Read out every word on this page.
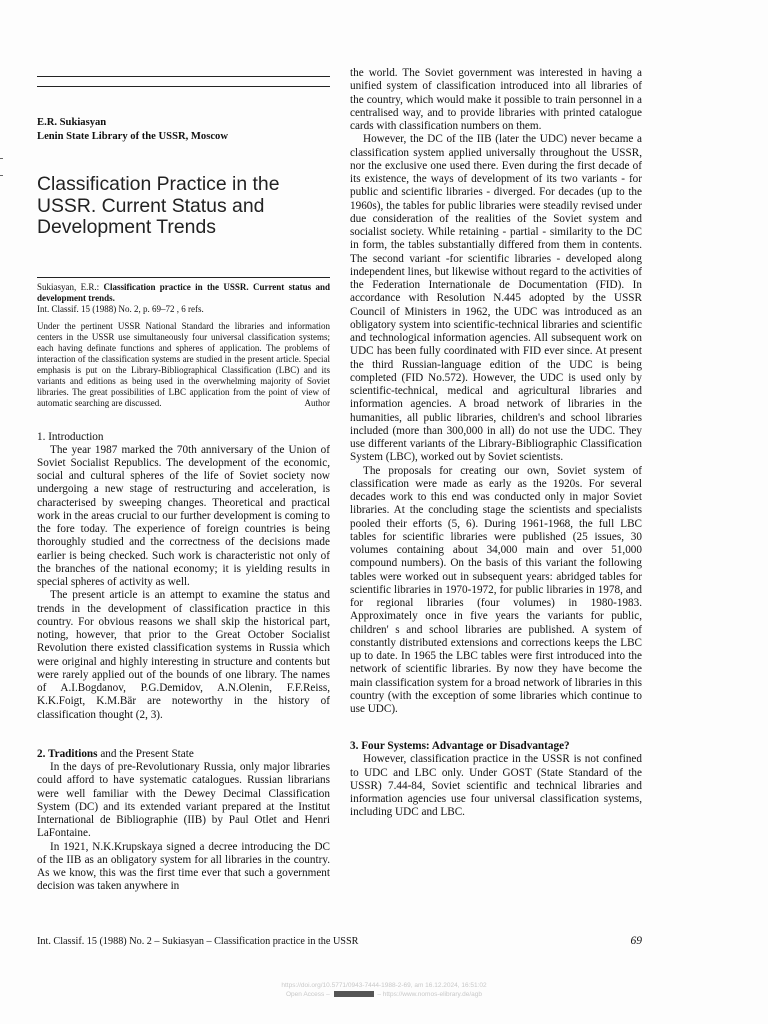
E.R. Sukiasyan

Lenin State Library of the USSR, Moscow

Classification Practice in the USSR. Current Status and Development Trends

Sukiasyan, E.R.: Classification practice in the USSR. Current status and development trends.

Int. Classif. 15 (1988) No. 2, p. 69–72 , 6 refs.

Under the pertinent USSR National Standard the libraries and information centers in the USSR use simultaneously four universal classification systems; each having definate functions and spheres of application. The problems of interaction of the classification systems are studied in the present article. Special emphasis is put on the Library-Bibliographical Classification (LBC) and its variants and editions as being used in the overwhelming majority of Soviet libraries. The great possibilities of LBC application from the point of view of automatic searching are discussed.	Author

1. Introduction

The year 1987 marked the 70th anniversary of the Union of Soviet Socialist Republics. The development of the economic, social and cultural spheres of the life of Soviet society now undergoing a new stage of restructuring and acceleration, is characterised by sweeping changes. Theoretical and practical work in the areas crucial to our further development is coming to the fore today. The experience of foreign countries is being thoroughly studied and the correctness of the decisions made earlier is being checked. Such work is characteristic not only of the branches of the national economy; it is yielding results in special spheres of activity as well.

The present article is an attempt to examine the status and trends in the development of classification practice in this country. For obvious reasons we shall skip the historical part, noting, however, that prior to the Great October Socialist Revolution there existed classification systems in Russia which were original and highly interesting in structure and contents but were rarely applied out of the bounds of one library. The names of A.I.Bogdanov, P.G.Demidov, A.N.Olenin, F.F.Reiss, K.K.Foigt, K.M.Bär are noteworthy in the history of classification thought (2, 3).

2. Traditions and the Present State

In the days of pre-Revolutionary Russia, only major libraries could afford to have systematic catalogues. Russian librarians were well familiar with the Dewey Decimal Classification System (DC) and its extended variant prepared at the Institut International de Bibliographie (IIB) by Paul Otlet and Henri LaFontaine.

In 1921, N.K.Krupskaya signed a decree introducing the DC of the IIB as an obligatory system for all libraries in the country. As we know, this was the first time ever that such a government decision was taken anywhere in

the world. The Soviet government was interested in having a unified system of classification introduced into all libraries of the country, which would make it possible to train personnel in a centralised way, and to provide libraries with printed catalogue cards with classification numbers on them.

However, the DC of the IIB (later the UDC) never became a classification system applied universally throughout the USSR, nor the exclusive one used there. Even during the first decade of its existence, the ways of development of its two variants - for public and scientific libraries - diverged. For decades (up to the 1960s), the tables for public libraries were steadily revised under due consideration of the realities of the Soviet system and socialist society. While retaining - partial - similarity to the DC in form, the tables substantially differed from them in contents. The second variant -for scientific libraries - developed along independent lines, but likewise without regard to the activities of the Federation Internationale de Documentation (FID). In accordance with Resolution N.445 adopted by the USSR Council of Ministers in 1962, the UDC was introduced as an obligatory system into scientific-technical libraries and scientific and technological information agencies. All subsequent work on UDC has been fully coordinated with FID ever since. At present the third Russian-language edition of the UDC is being completed (FID No.572). However, the UDC is used only by scientific-technical, medical and agricultural libraries and information agencies. A broad network of libraries in the humanities, all public libraries, children's and school libraries included (more than 300,000 in all) do not use the UDC. They use different variants of the Library-Bibliographic Classification System (LBC), worked out by Soviet scientists.

The proposals for creating our own, Soviet system of classification were made as early as the 1920s. For several decades work to this end was conducted only in major Soviet libraries. At the concluding stage the scientists and specialists pooled their efforts (5, 6). During 1961-1968, the full LBC tables for scientific libraries were published (25 issues, 30 volumes containing about 34,000 main and over 51,000 compound numbers). On the basis of this variant the following tables were worked out in subsequent years: abridged tables for scientific libraries in 1970-1972, for public libraries in 1978, and for regional libraries (four volumes) in 1980-1983. Approximately once in five years the variants for public, children' s and school libraries are published. A system of constantly distributed extensions and corrections keeps the LBC up to date. In 1965 the LBC tables were first introduced into the network of scientific libraries. By now they have become the main classification system for a broad network of libraries in this country (with the exception of some libraries which continue to use UDC).

3. Four Systems: Advantage or Disadvantage?

However, classification practice in the USSR is not confined to UDC and LBC only. Under GOST (State Standard of the USSR) 7.44-84, Soviet scientific and technical libraries and information agencies use four universal classification systems, including UDC and LBC.

Int. Classif. 15 (1988) No. 2 – Sukiasyan – Classification practice in the USSR	69
https://doi.org/10.5771/0943-7444-1988-2-69, am 16.12.2024, 16:51:02
Open Access –	– https://www.nomos-elibrary.de/agb
